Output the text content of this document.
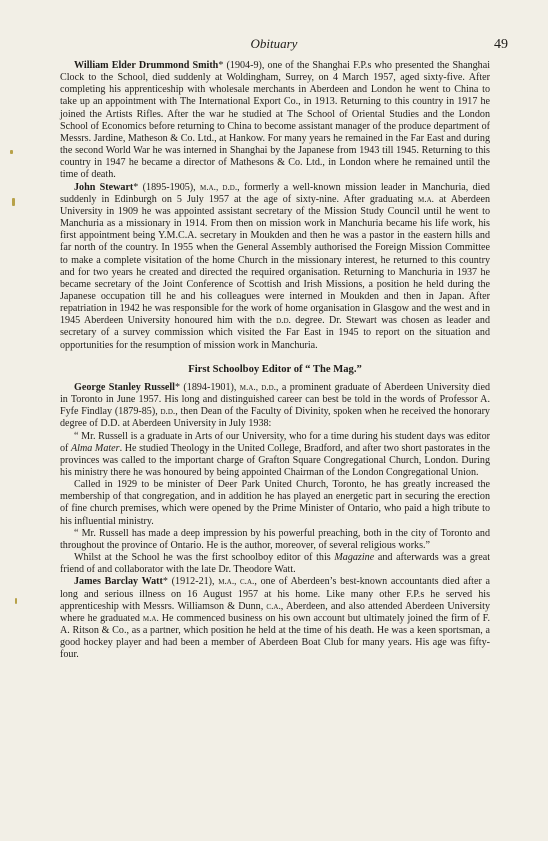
Obituary	49

William Elder Drummond Smith* (1904-9), one of the Shanghai F.P.s who presented the Shanghai Clock to the School, died suddenly at Woldingham, Surrey, on 4 March 1957, aged sixty-five. After completing his apprenticeship with wholesale merchants in Aberdeen and London he went to China to take up an appointment with The International Export Co., in 1913. Returning to this country in 1917 he joined the Artists Rifles. After the war he studied at The School of Oriental Studies and the London School of Economics before returning to China to become assistant manager of the produce department of Messrs. Jardine, Matheson & Co. Ltd., at Hankow. For many years he remained in the Far East and during the second World War he was interned in Shanghai by the Japanese from 1943 till 1945. Returning to this country in 1947 he became a director of Mathesons & Co. Ltd., in London where he remained until the time of death.

John Stewart* (1895-1905), m.a., d.d., formerly a well-known mission leader in Manchuria, died suddenly in Edinburgh on 5 July 1957 at the age of sixty-nine. After graduating m.a. at Aberdeen University in 1909 he was appointed assistant secretary of the Mission Study Council until he went to Manchuria as a missionary in 1914. From then on mission work in Manchuria became his life work, his first appointment being Y.M.C.A. secretary in Moukden and then he was a pastor in the eastern hills and far north of the country. In 1955 when the General Assembly authorised the Foreign Mission Committee to make a complete visitation of the home Church in the missionary interest, he returned to this country and for two years he created and directed the required organisation. Returning to Manchuria in 1937 he became secretary of the Joint Conference of Scottish and Irish Missions, a position he held during the Japanese occupation till he and his colleagues were interned in Moukden and then in Japan. After repatriation in 1942 he was responsible for the work of home organisation in Glasgow and the west and in 1945 Aberdeen University honoured him with the d.d. degree. Dr. Stewart was chosen as leader and secretary of a survey commission which visited the Far East in 1945 to report on the situation and opportunities for the resumption of mission work in Manchuria.

First Schoolboy Editor of “ The Mag.”

George Stanley Russell* (1894-1901), m.a., d.d., a prominent graduate of Aberdeen University died in Toronto in June 1957. His long and distinguished career can best be told in the words of Professor A. Fyfe Findlay (1879-85), d.d., then Dean of the Faculty of Divinity, spoken when he received the honorary degree of D.D. at Aberdeen University in July 1938:

“ Mr. Russell is a graduate in Arts of our University, who for a time during his student days was editor of Alma Mater. He studied Theology in the United College, Bradford, and after two short pastorates in the provinces was called to the important charge of Grafton Square Congregational Church, London. During his ministry there he was honoured by being appointed Chairman of the London Congregational Union.

Called in 1929 to be minister of Deer Park United Church, Toronto, he has greatly increased the membership of that congregation, and in addition he has played an energetic part in securing the erection of fine church premises, which were opened by the Prime Minister of Ontario, who paid a high tribute to his influential ministry.

“ Mr. Russell has made a deep impression by his powerful preaching, both in the city of Toronto and throughout the province of Ontario. He is the author, moreover, of several religious works.”

Whilst at the School he was the first schoolboy editor of this Magazine and afterwards was a great friend of and collaborator with the late Dr. Theodore Watt.

James Barclay Watt* (1912-21), m.a., c.a., one of Aberdeen’s best-known accountants died after a long and serious illness on 16 August 1957 at his home. Like many other F.P.s he served his apprenticeship with Messrs. Williamson & Dunn, c.a., Aberdeen, and also attended Aberdeen University where he graduated m.a. He commenced business on his own account but ultimately joined the firm of F. A. Ritson & Co., as a partner, which position he held at the time of his death. He was a keen sportsman, a good hockey player and had been a member of Aberdeen Boat Club for many years. His age was fifty-four.
